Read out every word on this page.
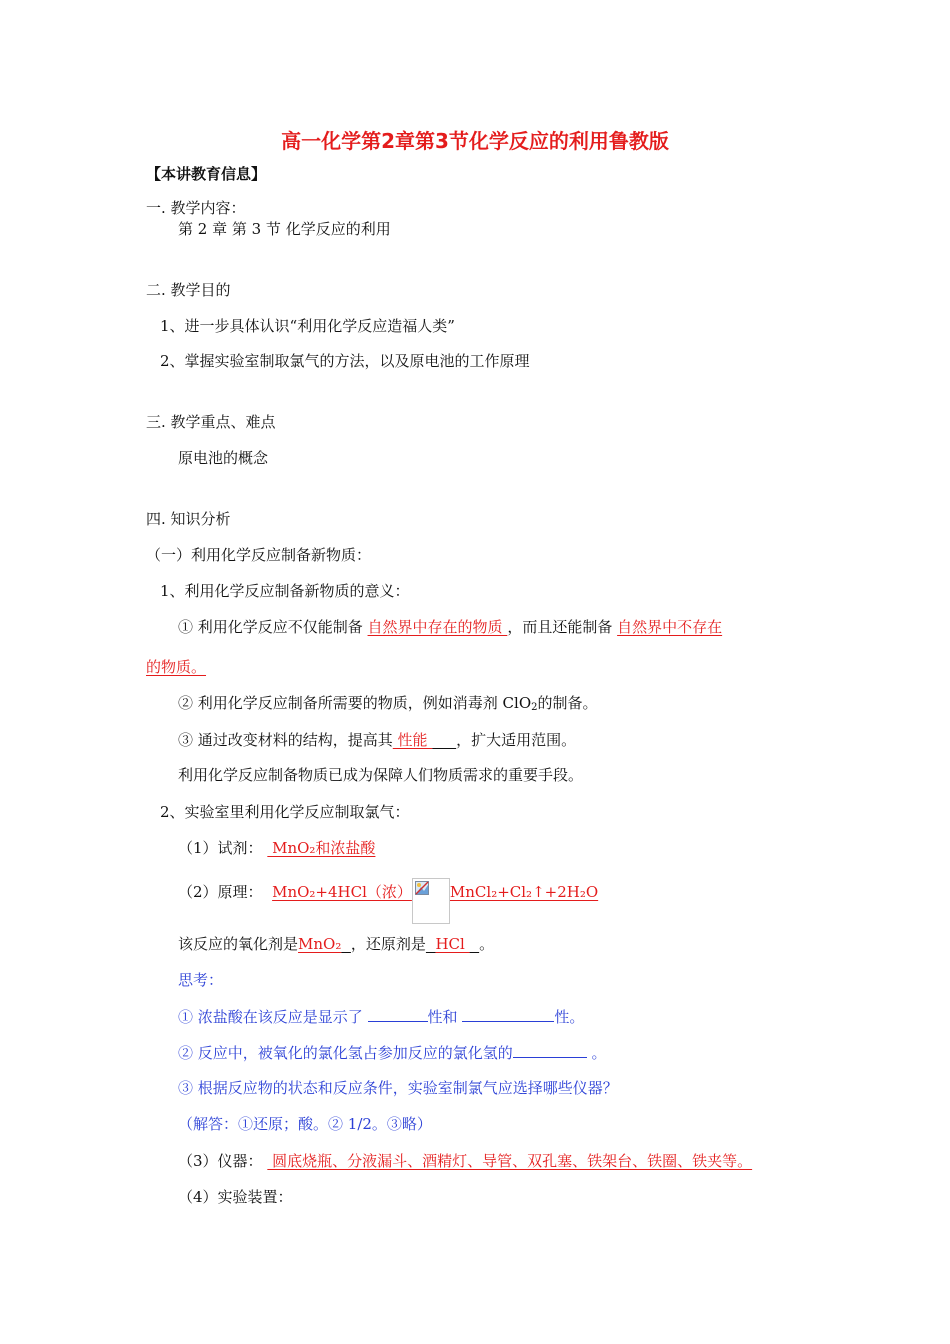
高一化学第2章第3节化学反应的利用鲁教版
【本讲教育信息】
一. 教学内容：
第 2 章 第 3 节 化学反应的利用
二. 教学目的
1、进一步具体认识“利用化学反应造福人类”
2、掌握实验室制取氯气的方法，以及原电池的工作原理
三. 教学重点、难点
原电池的概念
四. 知识分析
（一）利用化学反应制备新物质：
1、利用化学反应制备新物质的意义：
① 利用化学反应不仅能制备 自然界中存在的物质 ，而且还能制备 自然界中不存在
的物质。
② 利用化学反应制备所需要的物质，例如消毒剂 ClO$_2$的制备。
③ 通过改变材料的结构，提高其 性能      ，扩大适用范围。
利用化学反应制备物质已成为保障人们物质需求的重要手段。
2、实验室里利用化学反应制取氯气：
（1）试剂：  MnO₂和浓盐酸
（2）原理： MnO₂+4HCl（浓）	MnCl₂+Cl₂↑+2H₂O
该反应的氧化剂是MnO₂ ，还原剂是 HCl   。
思考：
① 浓盐酸在该反应是显示了	性和	性。
② 反应中，被氧化的氯化氢占参加反应的氯化氢的	。
③ 根据反应物的状态和反应条件，实验室制氯气应选择哪些仪器？
（解答：①还原；酸。② 1/2。③略）
（3）仪器：  圆底烧瓶、分液漏斗、酒精灯、导管、双孔塞、铁架台、铁圈、铁夹等。
（4）实验装置：
